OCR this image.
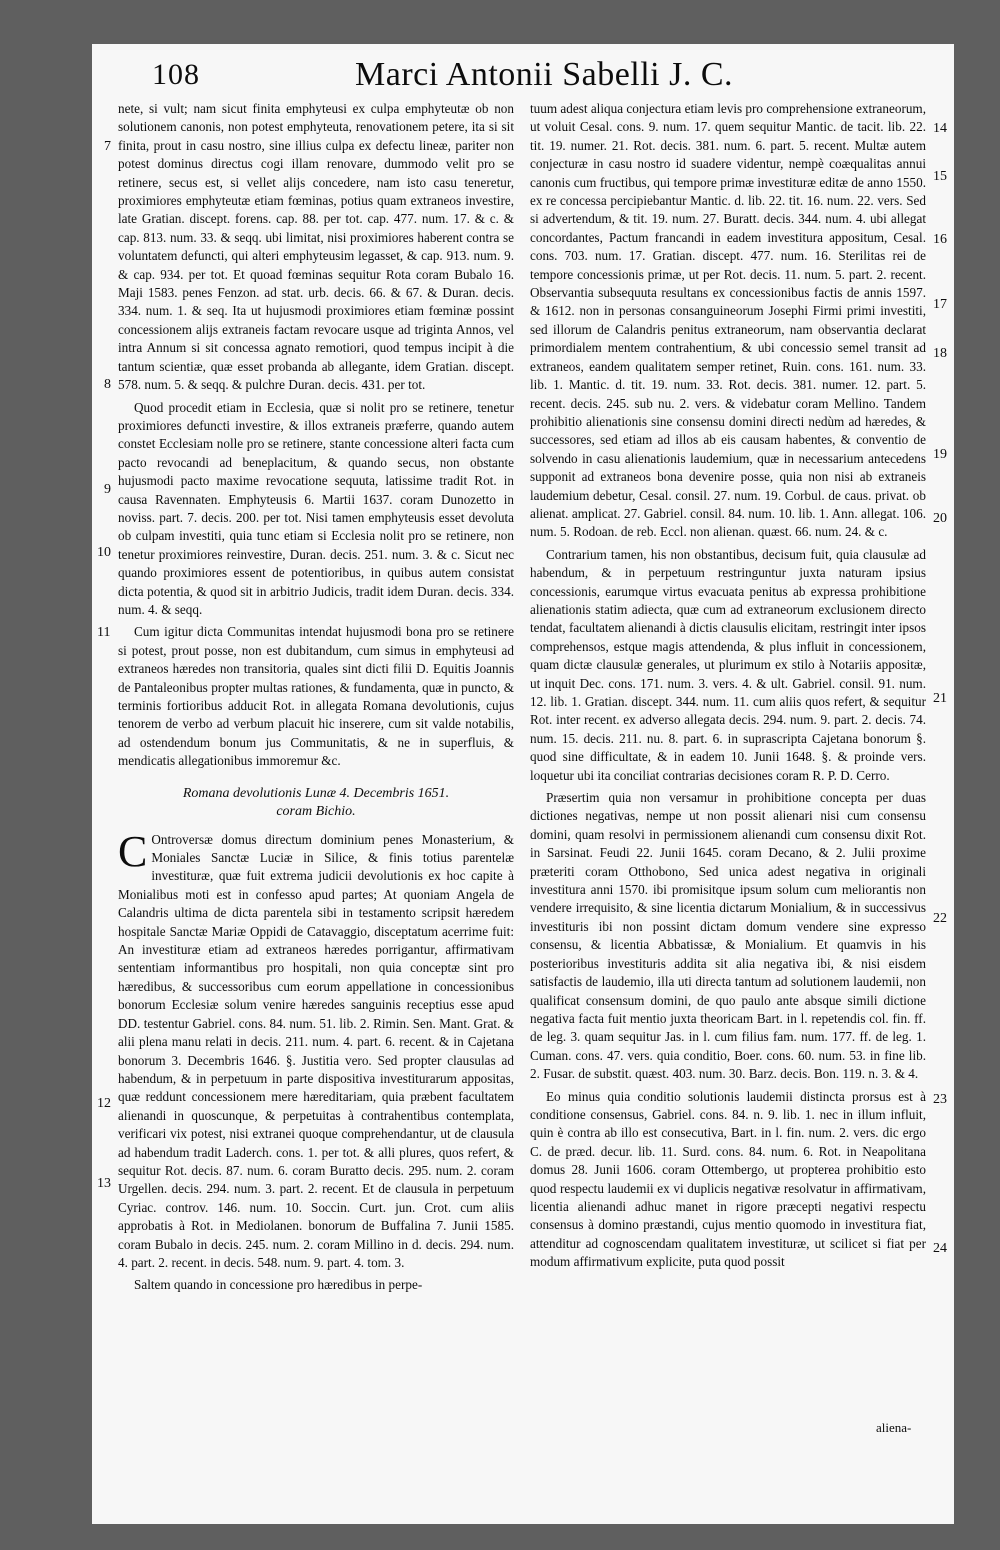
108	Marci Antonii Sabelli J. C.

nete, si vult; nam sicut finita emphyteusi ex culpa emphyteutæ ob non solutionem canonis, non potest emphyteuta, renovationem petere, ita si sit finita, prout in casu nostro, sine illius culpa ex defectu lineæ, pariter non potest dominus directus cogi illam renovare, dummodo velit pro se retinere, secus est, si vellet alijs concedere, nam isto casu teneretur, proximiores emphyteutæ etiam fœminas, potius quam extraneos investire, late Gratian. discept. forens. cap. 88. per tot. cap. 477. num. 17. & c. & cap. 813. num. 33. & seqq. ubi limitat, nisi proximiores haberent contra se voluntatem defuncti, qui alteri emphyteusim legasset, & cap. 913. num. 9. & cap. 934. per tot. Et quoad fœminas sequitur Rota coram Bubalo 16. Maji 1583. penes Fenzon. ad stat. urb. decis. 66. & 67. & Duran. decis. 334. num. 1. & seq. Ita ut hujusmodi proximiores etiam fœminæ possint concessionem alijs extraneis factam revocare usque ad triginta Annos, vel intra Annum si sit concessa agnato remotiori, quod tempus incipit à die tantum scientiæ, quæ esset probanda ab allegante, idem Gratian. discept. 578. num. 5. & seqq. & pulchre Duran. decis. 431. per tot.

Quod procedit etiam in Ecclesia, quæ si nolit pro se retinere, tenetur proximiores defuncti investire, & illos extraneis præferre, quando autem constet Ecclesiam nolle pro se retinere, stante concessione alteri facta cum pacto revocandi ad beneplacitum, & quando secus, non obstante hujusmodi pacto maxime revocatione sequuta, latissime tradit Rot. in causa Ravennaten. Emphyteusis 6. Martii 1637. coram Dunozetto in noviss. part. 7. decis. 200. per tot. Nisi tamen emphyteusis esset devoluta ob culpam investiti, quia tunc etiam si Ecclesia nolit pro se retinere, non tenetur proximiores reinvestire, Duran. decis. 251. num. 3. & c. Sicut nec quando proximiores essent de potentioribus, in quibus autem consistat dicta potentia, & quod sit in arbitrio Judicis, tradit idem Duran. decis. 334. num. 4. & seqq.

Cum igitur dicta Communitas intendat hujusmodi bona pro se retinere si potest, prout posse, non est dubitandum, cum simus in emphyteusi ad extraneos hæredes non transitoria, quales sint dicti filii D. Equitis Joannis de Pantaleonibus propter multas rationes, & fundamenta, quæ in puncto, & terminis fortioribus adducit Rot. in allegata Romana devolutionis, cujus tenorem de verbo ad verbum placuit hic inserere, cum sit valde notabilis, ad ostendendum bonum jus Communitatis, & ne in superfluis, & mendicatis allegationibus immoremur &c.

Romana devolutionis Lunæ 4. Decembris 1651.
coram Bichio.

C Ontroversæ domus directum dominium penes Monasterium, & Moniales Sanctæ Luciæ in Silice, & finis totius parentelæ investituræ, quæ fuit extrema judicii devolutionis ex hoc capite à Monialibus moti est in confesso apud partes; At quoniam Angela de Calandris ultima de dicta parentela sibi in testamento scripsit hæredem hospitale Sanctæ Mariæ Oppidi de Catavaggio, disceptatum acerrime fuit: An investituræ etiam ad extraneos hæredes porrigantur, affirmativam sententiam informantibus pro hospitali, non quia conceptæ sint pro hæredibus, & successoribus cum eorum appellatione in concessionibus bonorum Ecclesiæ solum venire hæredes sanguinis receptius esse apud DD. testentur Gabriel. cons. 84. num. 51. lib. 2. Rimin. Sen. Mant. Grat. & alii plena manu relati in decis. 211. num. 4. part. 6. recent. & in Cajetana bonorum 3. Decembris 1646. §. Justitia vero. Sed propter clausulas ad habendum, & in perpetuum in parte dispositiva investiturarum appositas, quæ reddunt concessionem mere hæreditariam, quia præbent facultatem alienandi in quoscunque, & perpetuitas à contrahentibus contemplata, verificari vix potest, nisi extranei quoque comprehendantur, ut de clausula ad habendum tradit Laderch. cons. 1. per tot. & alli plures, quos refert, & sequitur Rot. decis. 87. num. 6. coram Buratto decis. 295. num. 2. coram Urgellen. decis. 294. num. 3. part. 2. recent. Et de clausula in perpetuum Cyriac. controv. 146. num. 10. Soccin. Curt. jun. Crot. cum aliis approbatis à Rot. in Mediolanen. bonorum de Buffalina 7. Junii 1585. coram Bubalo in decis. 245. num. 2. coram Millino in d. decis. 294. num. 4. part. 2. recent. in decis. 548. num. 9. part. 4. tom. 3.

Saltem quando in concessione pro hæredibus in perpe-

tuum adest aliqua conjectura etiam levis pro comprehensione extraneorum, ut voluit Cesal. cons. 9. num. 17. quem sequitur Mantic. de tacit. lib. 22. tit. 19. numer. 21. Rot. decis. 381. num. 6. part. 5. recent. Multæ autem conjecturæ in casu nostro id suadere videntur, nempè coæqualitas annui canonis cum fructibus, qui tempore primæ investituræ editæ de anno 1550. ex re concessa percipiebantur Mantic. d. lib. 22. tit. 16. num. 22. vers. Sed si advertendum, & tit. 19. num. 27. Buratt. decis. 344. num. 4. ubi allegat concordantes, Pactum francandi in eadem investitura appositum, Cesal. cons. 703. num. 17. Gratian. discept. 477. num. 16. Sterilitas rei de tempore concessionis primæ, ut per Rot. decis. 11. num. 5. part. 2. recent. Observantia subsequuta resultans ex concessionibus factis de annis 1597. & 1612. non in personas consanguineorum Josephi Firmi primi investiti, sed illorum de Calandris penitus extraneorum, nam observantia declarat primordialem mentem contrahentium, & ubi concessio semel transit ad extraneos, eandem qualitatem semper retinet, Ruin. cons. 161. num. 33. lib. 1. Mantic. d. tit. 19. num. 33. Rot. decis. 381. numer. 12. part. 5. recent. decis. 245. sub nu. 2. vers. & videbatur coram Mellino. Tandem prohibitio alienationis sine consensu domini directi nedùm ad hæredes, & successores, sed etiam ad illos ab eis causam habentes, & conventio de solvendo in casu alienationis laudemium, quæ in necessarium antecedens supponit ad extraneos bona devenire posse, quia non nisi ab extraneis laudemium debetur, Cesal. consil. 27. num. 19. Corbul. de caus. privat. ob alienat. amplicat. 27. Gabriel. consil. 84. num. 10. lib. 1. Ann. allegat. 106. num. 5. Rodoan. de reb. Eccl. non alienan. quæst. 66. num. 24. & c.

Contrarium tamen, his non obstantibus, decisum fuit, quia clausulæ ad habendum, & in perpetuum restringuntur juxta naturam ipsius concessionis, earumque virtus evacuata penitus ab expressa prohibitione alienationis statim adiecta, quæ cum ad extraneorum exclusionem directo tendat, facultatem alienandi à dictis clausulis elicitam, restringit inter ipsos comprehensos, estque magis attendenda, & plus influit in concessionem, quam dictæ clausulæ generales, ut plurimum ex stilo à Notariis appositæ, ut inquit Dec. cons. 171. num. 3. vers. 4. & ult. Gabriel. consil. 91. num. 12. lib. 1. Gratian. discept. 344. num. 11. cum aliis quos refert, & sequitur Rot. inter recent. ex adverso allegata decis. 294. num. 9. part. 2. decis. 74. num. 15. decis. 211. nu. 8. part. 6. in suprascripta Cajetana bonorum §. quod sine difficultate, & in eadem 10. Junii 1648. §. & proinde vers. loquetur ubi ita conciliat contrarias decisiones coram R. P. D. Cerro.

Præsertim quia non versamur in prohibitione concepta per duas dictiones negativas, nempe ut non possit alienari nisi cum consensu domini, quam resolvi in permissionem alienandi cum consensu dixit Rot. in Sarsinat. Feudi 22. Junii 1645. coram Decano, & 2. Julii proxime præteriti coram Otthobono, Sed unica adest negativa in originali investitura anni 1570. ibi promisitque ipsum solum cum meliorantis non vendere irrequisito, & sine licentia dictarum Monialium, & in successivus investituris ibi non possint dictam domum vendere sine expresso consensu, & licentia Abbatissæ, & Monialium. Et quamvis in his posterioribus investituris addita sit alia negativa ibi, & nisi eisdem satisfactis de laudemio, illa uti directa tantum ad solutionem laudemii, non qualificat consensum domini, de quo paulo ante absque simili dictione negativa facta fuit mentio juxta theoricam Bart. in l. repetendis col. fin. ff. de leg. 3. quam sequitur Jas. in l. cum filius fam. num. 177. ff. de leg. 1. Cuman. cons. 47. vers. quia conditio, Boer. cons. 60. num. 53. in fine lib. 2. Fusar. de substit. quæst. 403. num. 30. Barz. decis. Bon. 119. n. 3. & 4.

Eo minus quia conditio solutionis laudemii distincta prorsus est à conditione consensus, Gabriel. cons. 84. n. 9. lib. 1. nec in illum influit, quin è contra ab illo est consecutiva, Bart. in l. fin. num. 2. vers. dic ergo C. de præd. decur. lib. 11. Surd. cons. 84. num. 6. Rot. in Neapolitana domus 28. Junii 1606. coram Ottembergo, ut propterea prohibitio esto quod respectu laudemii ex vi duplicis negativæ resolvatur in affirmativam, licentia alienandi adhuc manet in rigore præcepti negativi respectu consensus à domino præstandi, cujus mentio quomodo in investitura fiat, attenditur ad cognoscendam qualitatem investituræ, ut scilicet si fiat per modum affirmativum explicite, puta quod possit

aliena-
7
8
9
10
11
12
13
14
15
16
17
18
19
20
21
22
23
24
